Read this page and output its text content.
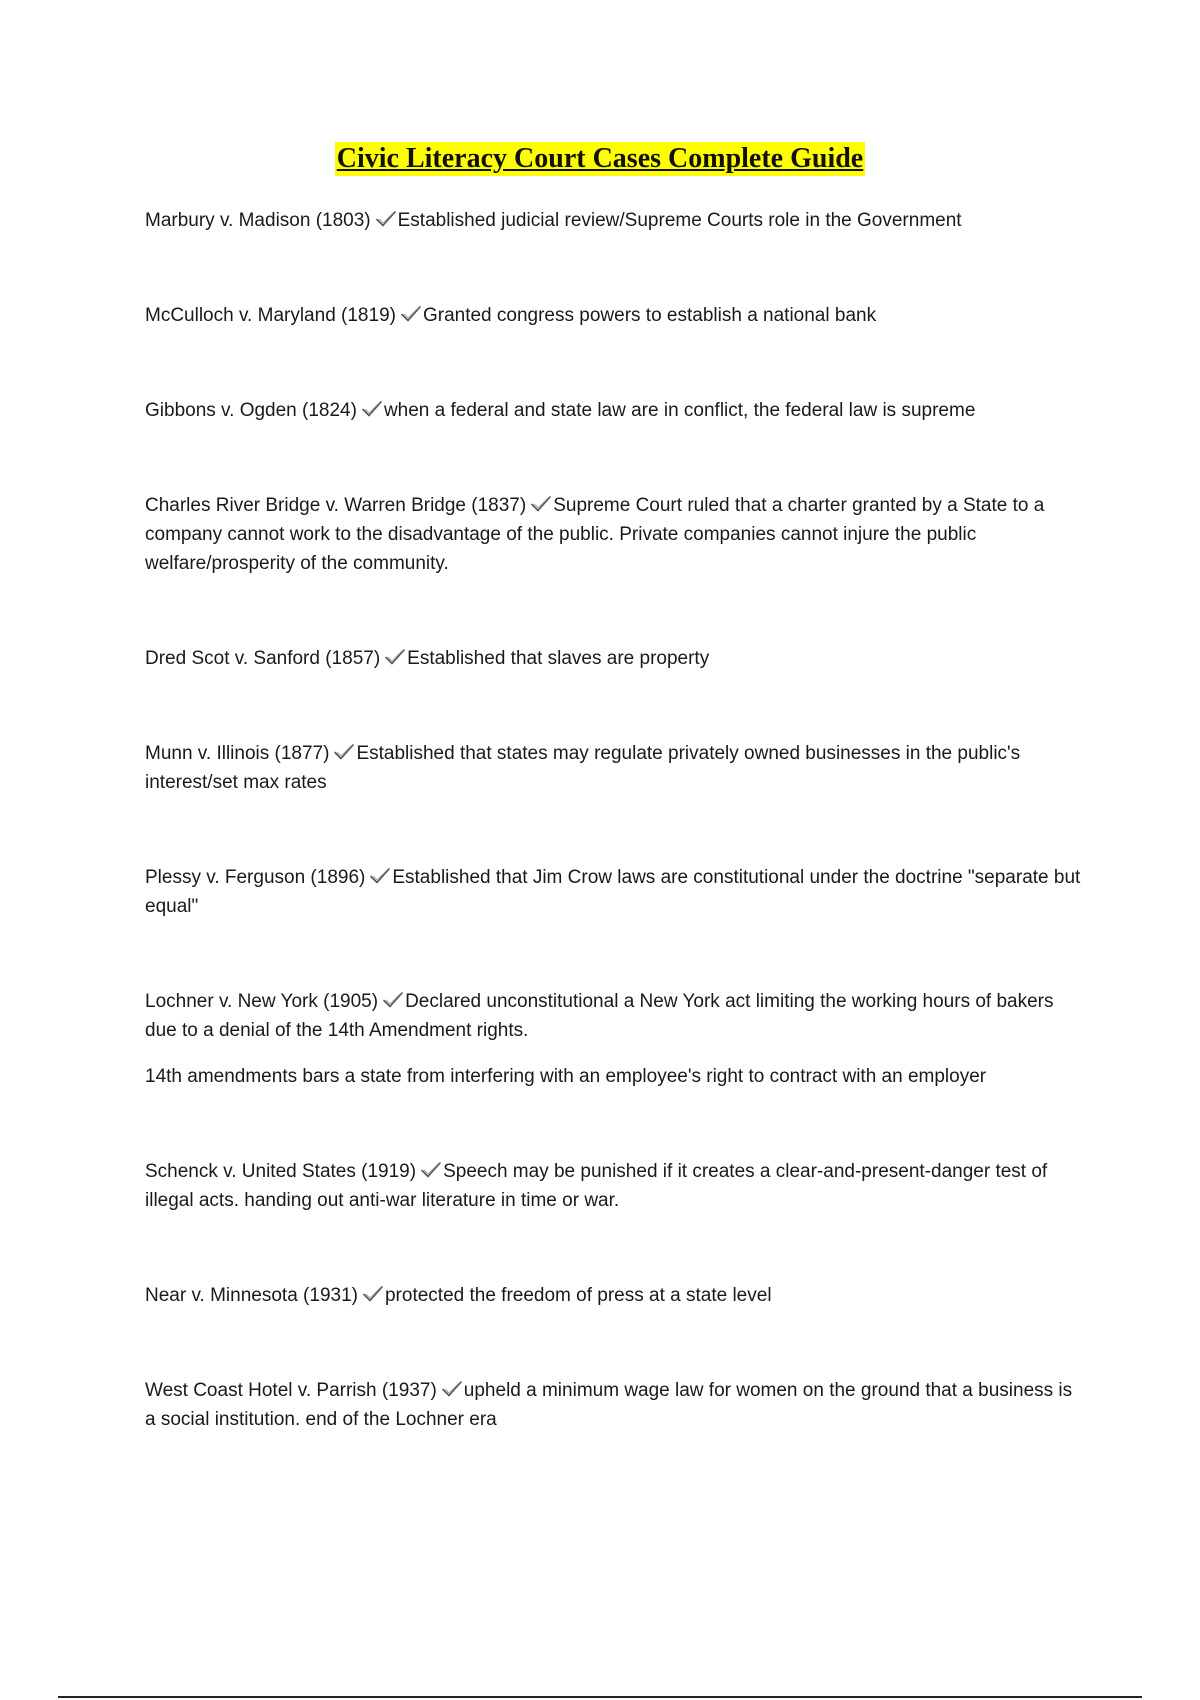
Civic Literacy Court Cases Complete Guide

Marbury v. Madison (1803) Established judicial review/Supreme Courts role in the Government

McCulloch v. Maryland (1819) Granted congress powers to establish a national bank

Gibbons v. Ogden (1824) when a federal and state law are in conflict, the federal law is supreme

Charles River Bridge v. Warren Bridge (1837) Supreme Court ruled that a charter granted by a State to a company cannot work to the disadvantage of the public. Private companies cannot injure the public welfare/prosperity of the community.

Dred Scot v. Sanford (1857) Established that slaves are property

Munn v. Illinois (1877) Established that states may regulate privately owned businesses in the public's interest/set max rates

Plessy v. Ferguson (1896) Established that Jim Crow laws are constitutional under the doctrine "separate but equal"

Lochner v. New York (1905) Declared unconstitutional a New York act limiting the working hours of bakers due to a denial of the 14th Amendment rights.

14th amendments bars a state from interfering with an employee's right to contract with an employer

Schenck v. United States (1919) Speech may be punished if it creates a clear-and-present-danger test of illegal acts. handing out anti-war literature in time or war.

Near v. Minnesota (1931) protected the freedom of press at a state level

West Coast Hotel v. Parrish (1937) upheld a minimum wage law for women on the ground that a business is a social institution. end of the Lochner era
